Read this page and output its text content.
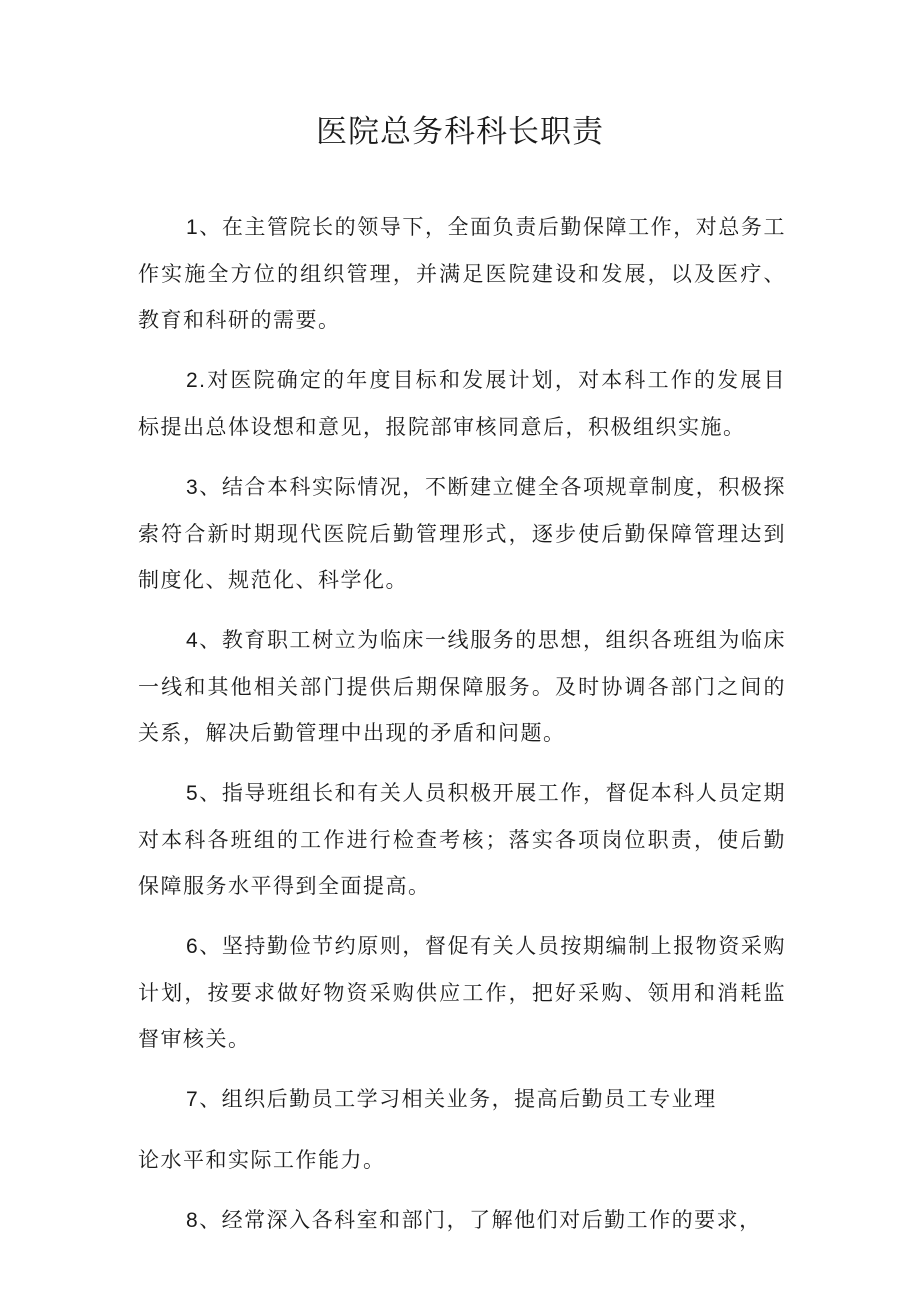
医院总务科科长职责

1、在主管院长的领导下，全面负责后勤保障工作，对总务工作实施全方位的组织管理，并满足医院建设和发展，以及医疗、教育和科研的需要。

2.对医院确定的年度目标和发展计划，对本科工作的发展目标提出总体设想和意见，报院部审核同意后，积极组织实施。

3、结合本科实际情况，不断建立健全各项规章制度，积极探索符合新时期现代医院后勤管理形式，逐步使后勤保障管理达到制度化、规范化、科学化。

4、教育职工树立为临床一线服务的思想，组织各班组为临床一线和其他相关部门提供后期保障服务。及时协调各部门之间的关系，解决后勤管理中出现的矛盾和问题。

5、指导班组长和有关人员积极开展工作，督促本科人员定期对本科各班组的工作进行检查考核；落实各项岗位职责，使后勤保障服务水平得到全面提高。

6、坚持勤俭节约原则，督促有关人员按期编制上报物资采购计划，按要求做好物资采购供应工作，把好采购、领用和消耗监督审核关。

7、组织后勤员工学习相关业务，提高后勤员工专业理
论水平和实际工作能力。

8、经常深入各科室和部门，了解他们对后勤工作的要求，
